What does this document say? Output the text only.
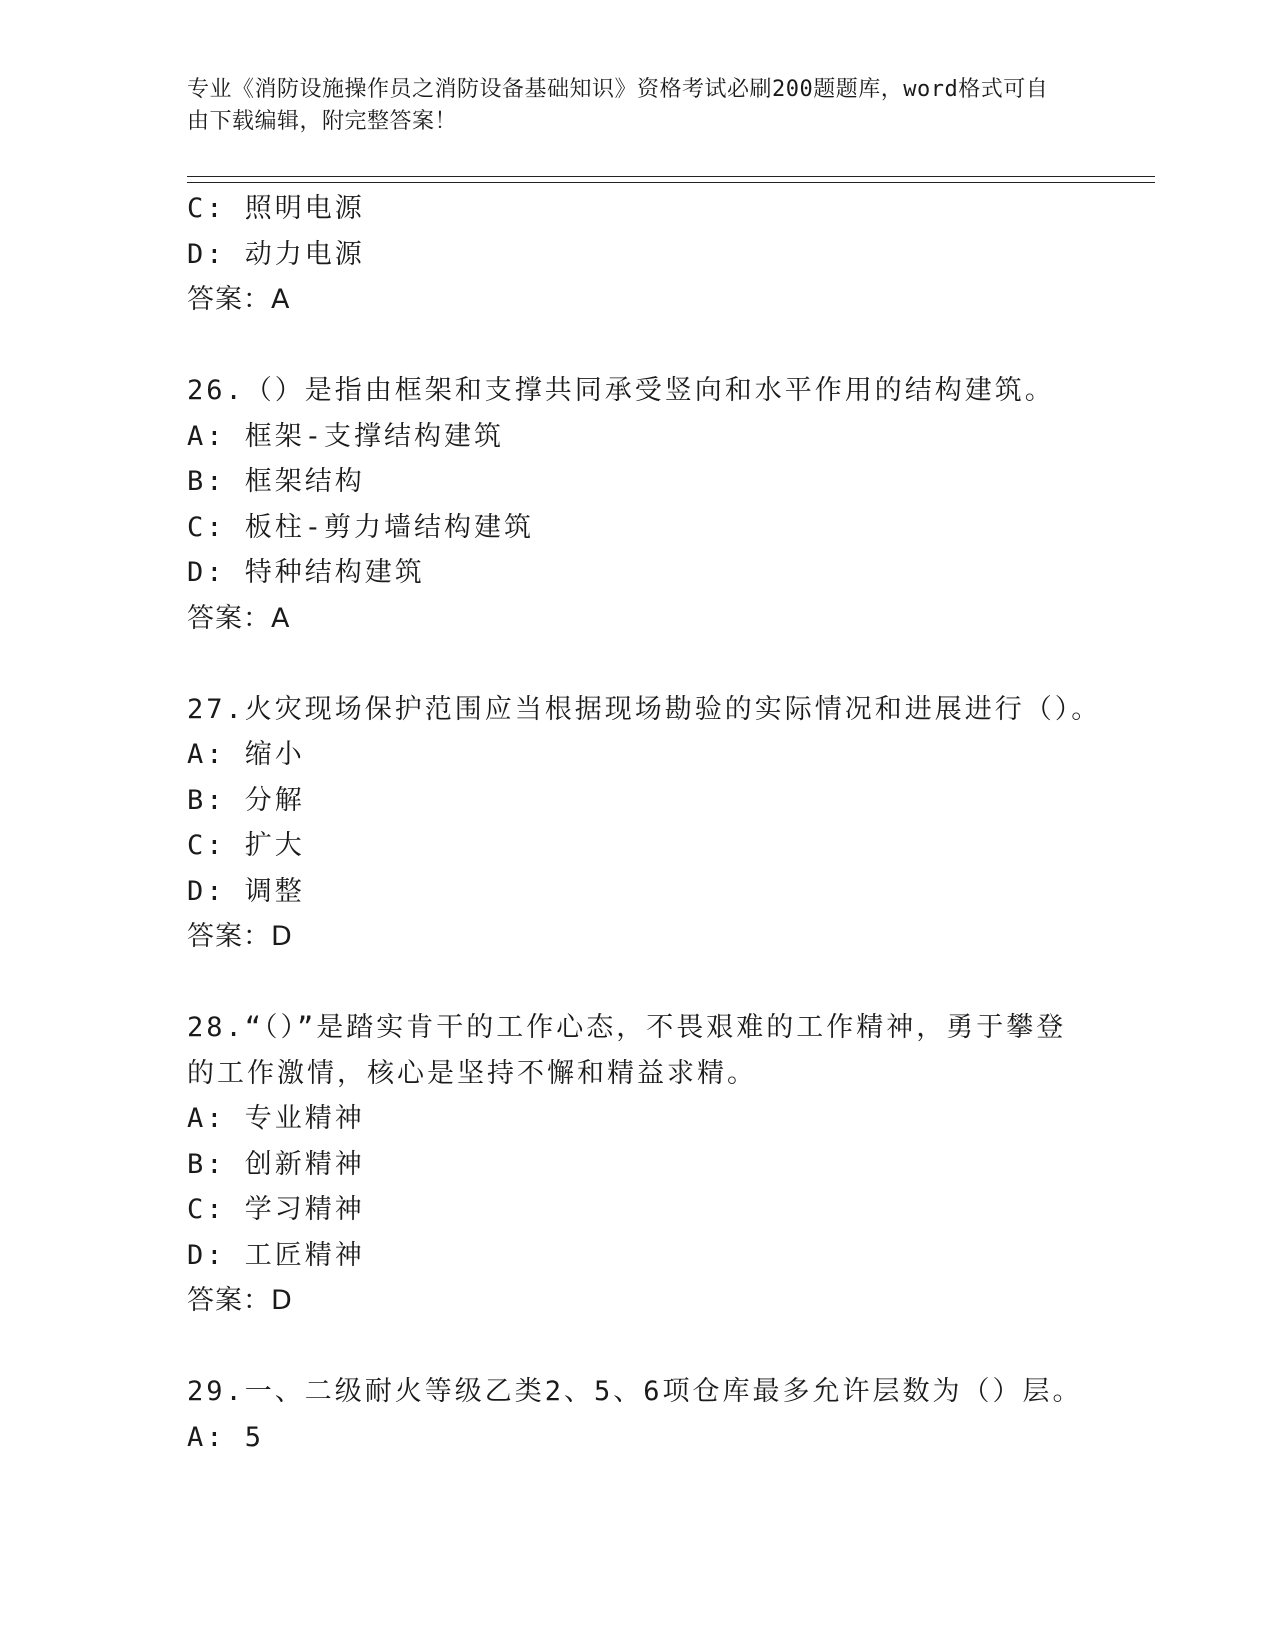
专业《消防设施操作员之消防设备基础知识》资格考试必刷200题题库，word格式可自由下载编辑，附完整答案！
C: 照明电源
D: 动力电源
答案：A
26.（）是指由框架和支撑共同承受竖向和水平作用的结构建筑。
A: 框架-支撑结构建筑
B: 框架结构
C: 板柱-剪力墙结构建筑
D: 特种结构建筑
答案：A
27.火灾现场保护范围应当根据现场勘验的实际情况和进展进行（）。
A: 缩小
B: 分解
C: 扩大
D: 调整
答案：D
28.“（）”是踏实肯干的工作心态，不畏艰难的工作精神，勇于攀登
的工作激情，核心是坚持不懈和精益求精。
A: 专业精神
B: 创新精神
C: 学习精神
D: 工匠精神
答案：D
29.一、二级耐火等级乙类2、5、6项仓库最多允许层数为（）层。
A: 5
